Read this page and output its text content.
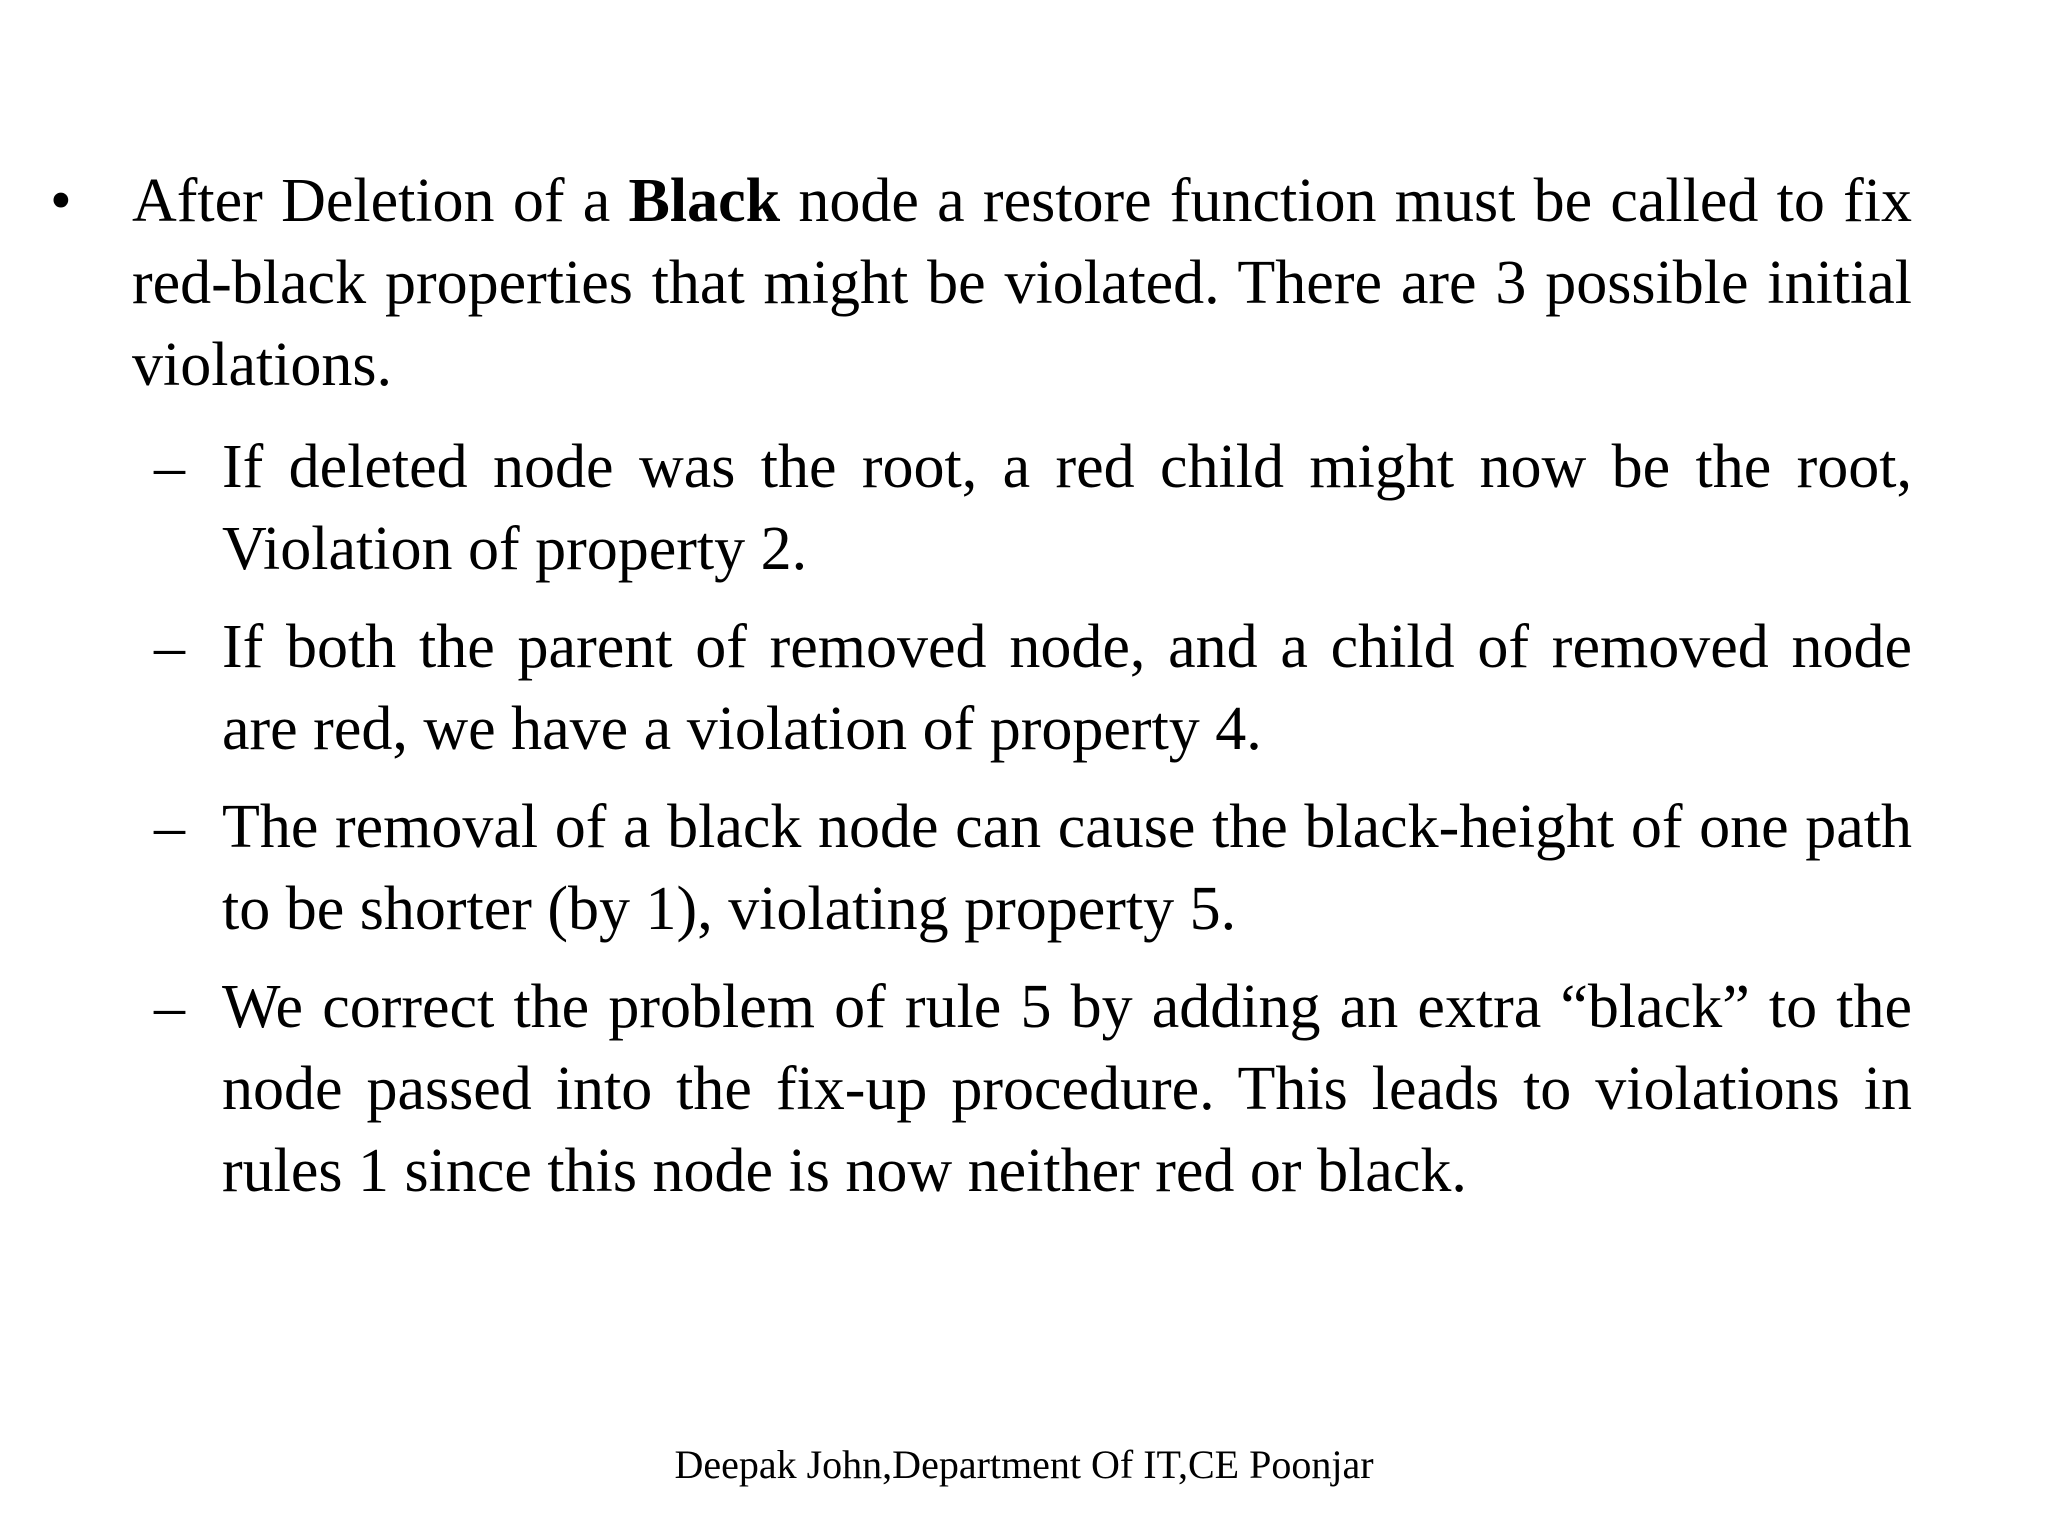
• After Deletion of a Black node a restore function must be called to fix red-black properties that might be violated. There are 3 possible initial violations.
– If deleted node was the root, a red child might now be the root, Violation of property 2.
– If both the parent of removed node, and a child of removed node are red, we have a violation of property 4.
– The removal of a black node can cause the black-height of one path to be shorter (by 1), violating property 5.
– We correct the problem of rule 5 by adding an extra “black” to the node passed into the fix-up procedure. This leads to violations in rules 1 since this node is now neither red or black.
Deepak John,Department Of IT,CE Poonjar
